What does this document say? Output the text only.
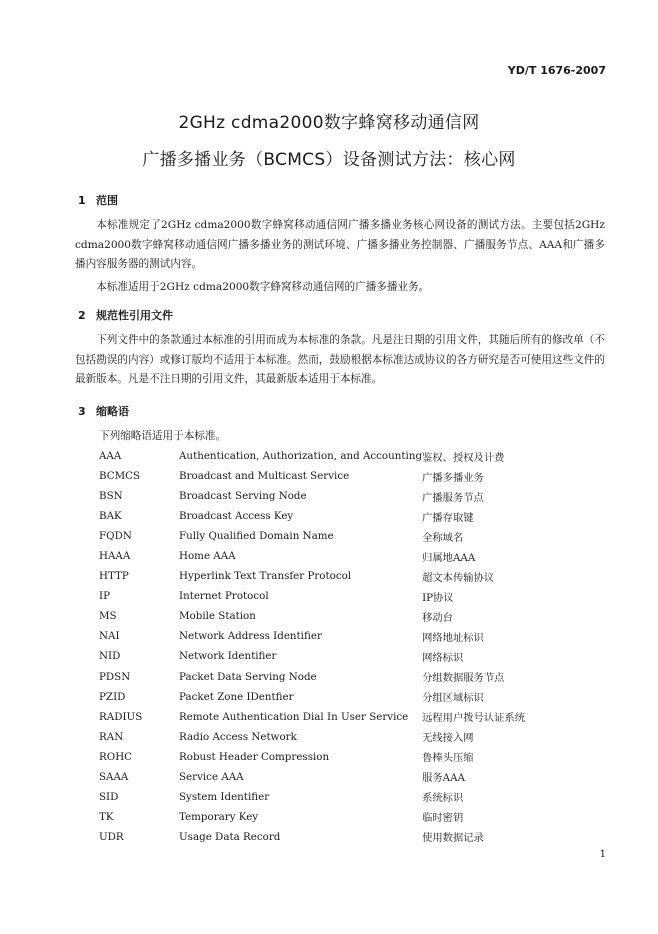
YD/T 1676-2007
2GHz cdma2000数字蜂窝移动通信网
广播多播业务（BCMCS）设备测试方法：核心网
1 范围

本标准规定了2GHz cdma2000数字蜂窝移动通信网广播多播业务核心网设备的测试方法。主要包括2GHz cdma2000数字蜂窝移动通信网广播多播业务的测试环境、广播多播业务控制器、广播服务节点、AAA和广播多播内容服务器的测试内容。

本标准适用于2GHz cdma2000数字蜂窝移动通信网的广播多播业务。

2 规范性引用文件

下列文件中的条款通过本标准的引用而成为本标准的条款。凡是注日期的引用文件，其随后所有的修改单（不包括勘误的内容）或修订版均不适用于本标准。然而，鼓励根据本标准达成协议的各方研究是否可使用这些文件的最新版本。凡是不注日期的引用文件，其最新版本适用于本标准。

3 缩略语
下列缩略语适用于本标准。
AAA	Authentication, Authorization, and Accounting	鉴权、授权及计费
BCMCS	Broadcast and Multicast Service	广播多播业务
BSN	Broadcast Serving Node	广播服务节点
BAK	Broadcast Access Key	广播存取键
FQDN	Fully Qualified Domain Name	全称域名
HAAA	Home AAA	归属地AAA
HTTP	Hyperlink Text Transfer Protocol	超文本传输协议
IP	Internet Protocol	IP协议
MS	Mobile Station	移动台
NAI	Network Address Identifier	网络地址标识
NID	Network Identifier	网络标识
PDSN	Packet Data Serving Node	分组数据服务节点
PZID	Packet Zone IDentfier	分组区域标识
RADIUS	Remote Authentication Dial In User Service	远程用户拨号认证系统
RAN	Radio Access Network	无线接入网
ROHC	Robust Header Compression	鲁棒头压缩
SAAA	Service AAA	服务AAA
SID	System Identifier	系统标识
TK	Temporary Key	临时密钥
UDR	Usage Data Record	使用数据记录
1
